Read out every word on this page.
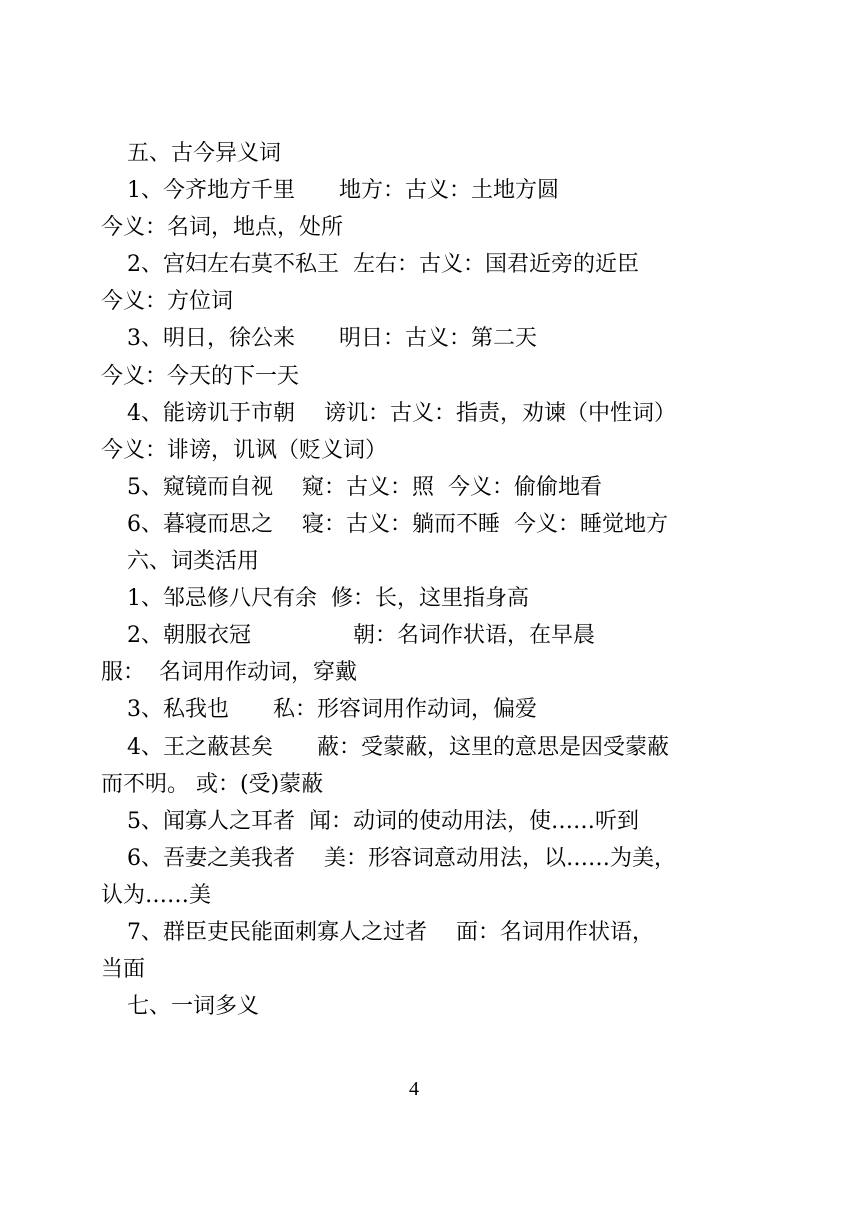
五、古今异义词
1、今齐地方千里　　地方：古义：土地方圆
今义：名词，地点，处所
2、宫妇左右莫不私王  左右：古义：国君近旁的近臣
今义：方位词
3、明日，徐公来　　明日：古义：第二天
今义：今天的下一天
4、能谤讥于市朝　 谤讥：古义：指责，劝谏（中性词）
今义：诽谤，讥讽（贬义词）
5、窥镜而自视　 窥：古义：照  今义：偷偷地看
6、暮寝而思之　 寝：古义：躺而不睡  今义：睡觉地方
六、词类活用
1、邹忌修八尺有余  修：长，这里指身高
2、朝服衣冠　　　　  朝：名词作状语，在早晨
服：  名词用作动词，穿戴
3、私我也　　私：形容词用作动词，偏爱
4、王之蔽甚矣　　蔽：受蒙蔽，这里的意思是因受蒙蔽
而不明。 或：(受)蒙蔽
5、闻寡人之耳者  闻：动词的使动用法，使……听到
6、吾妻之美我者　 美：形容词意动用法，以……为美，
认为……美
7、群臣吏民能面刺寡人之过者　 面：名词用作状语，
当面
七、一词多义
4
